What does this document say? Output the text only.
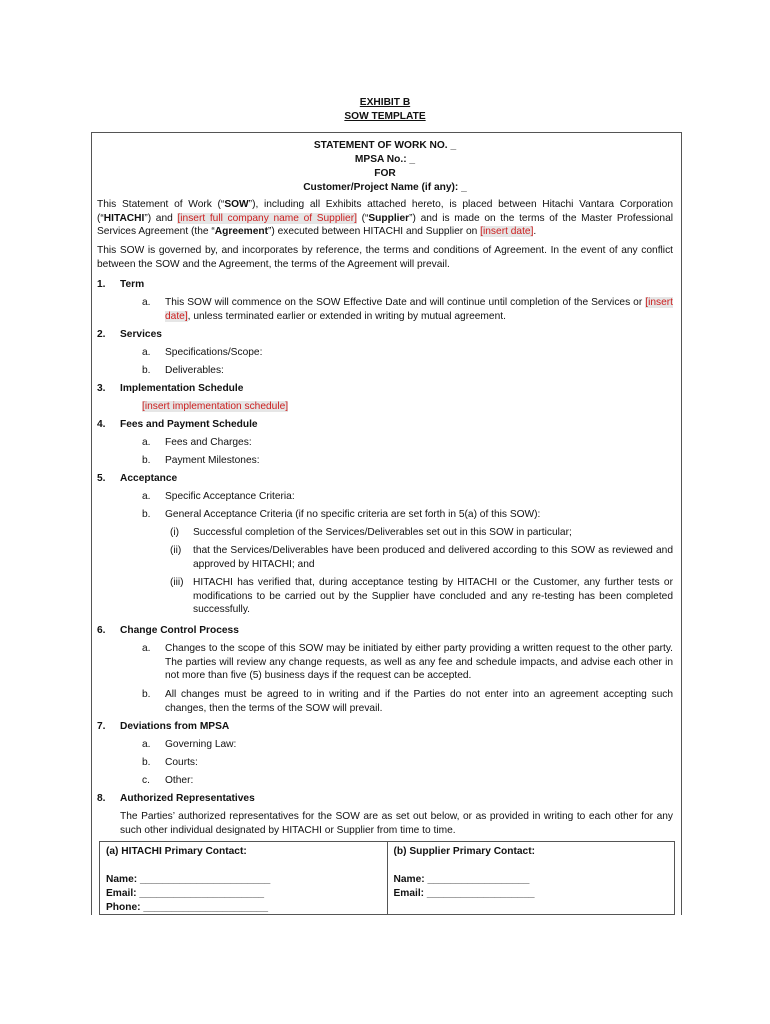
EXHIBIT B
SOW TEMPLATE
STATEMENT OF WORK NO. _
MPSA No.: _
FOR
Customer/Project Name (if any): _
This Statement of Work (“SOW”), including all Exhibits attached hereto, is placed between Hitachi Vantara Corporation (“HITACHI”) and [insert full company name of Supplier] (“Supplier”) and is made on the terms of the Master Professional Services Agreement (the “Agreement”) executed between HITACHI and Supplier on [insert date].
This SOW is governed by, and incorporates by reference, the terms and conditions of Agreement. In the event of any conflict between the SOW and the Agreement, the terms of the Agreement will prevail.
1. Term
a. This SOW will commence on the SOW Effective Date and will continue until completion of the Services or [insert date], unless terminated earlier or extended in writing by mutual agreement.
2. Services
a. Specifications/Scope:
b. Deliverables:
3. Implementation Schedule
[insert implementation schedule]
4. Fees and Payment Schedule
a. Fees and Charges:
b. Payment Milestones:
5. Acceptance
a. Specific Acceptance Criteria:
b. General Acceptance Criteria (if no specific criteria are set forth in 5(a) of this SOW):
(i) Successful completion of the Services/Deliverables set out in this SOW in particular;
(ii) that the Services/Deliverables have been produced and delivered according to this SOW as reviewed and approved by HITACHI; and
(iii) HITACHI has verified that, during acceptance testing by HITACHI or the Customer, any further tests or modifications to be carried out by the Supplier have concluded and any re-testing has been completed successfully.
6. Change Control Process
a. Changes to the scope of this SOW may be initiated by either party providing a written request to the other party. The parties will review any change requests, as well as any fee and schedule impacts, and advise each other in not more than five (5) business days if the request can be accepted.
b. All changes must be agreed to in writing and if the Parties do not enter into an agreement accepting such changes, then the terms of the SOW will prevail.
7. Deviations from MPSA
a. Governing Law:
b. Courts:
c. Other:
8. Authorized Representatives
The Parties’ authorized representatives for the SOW are as set out below, or as provided in writing to each other for any such other individual designated by HITACHI or Supplier from time to time.
(a) HITACHI Primary Contact:
Name: _______________________
Email: ______________________
Phone: ______________________
(b) Supplier Primary Contact:
Name: __________________
Email: ___________________
